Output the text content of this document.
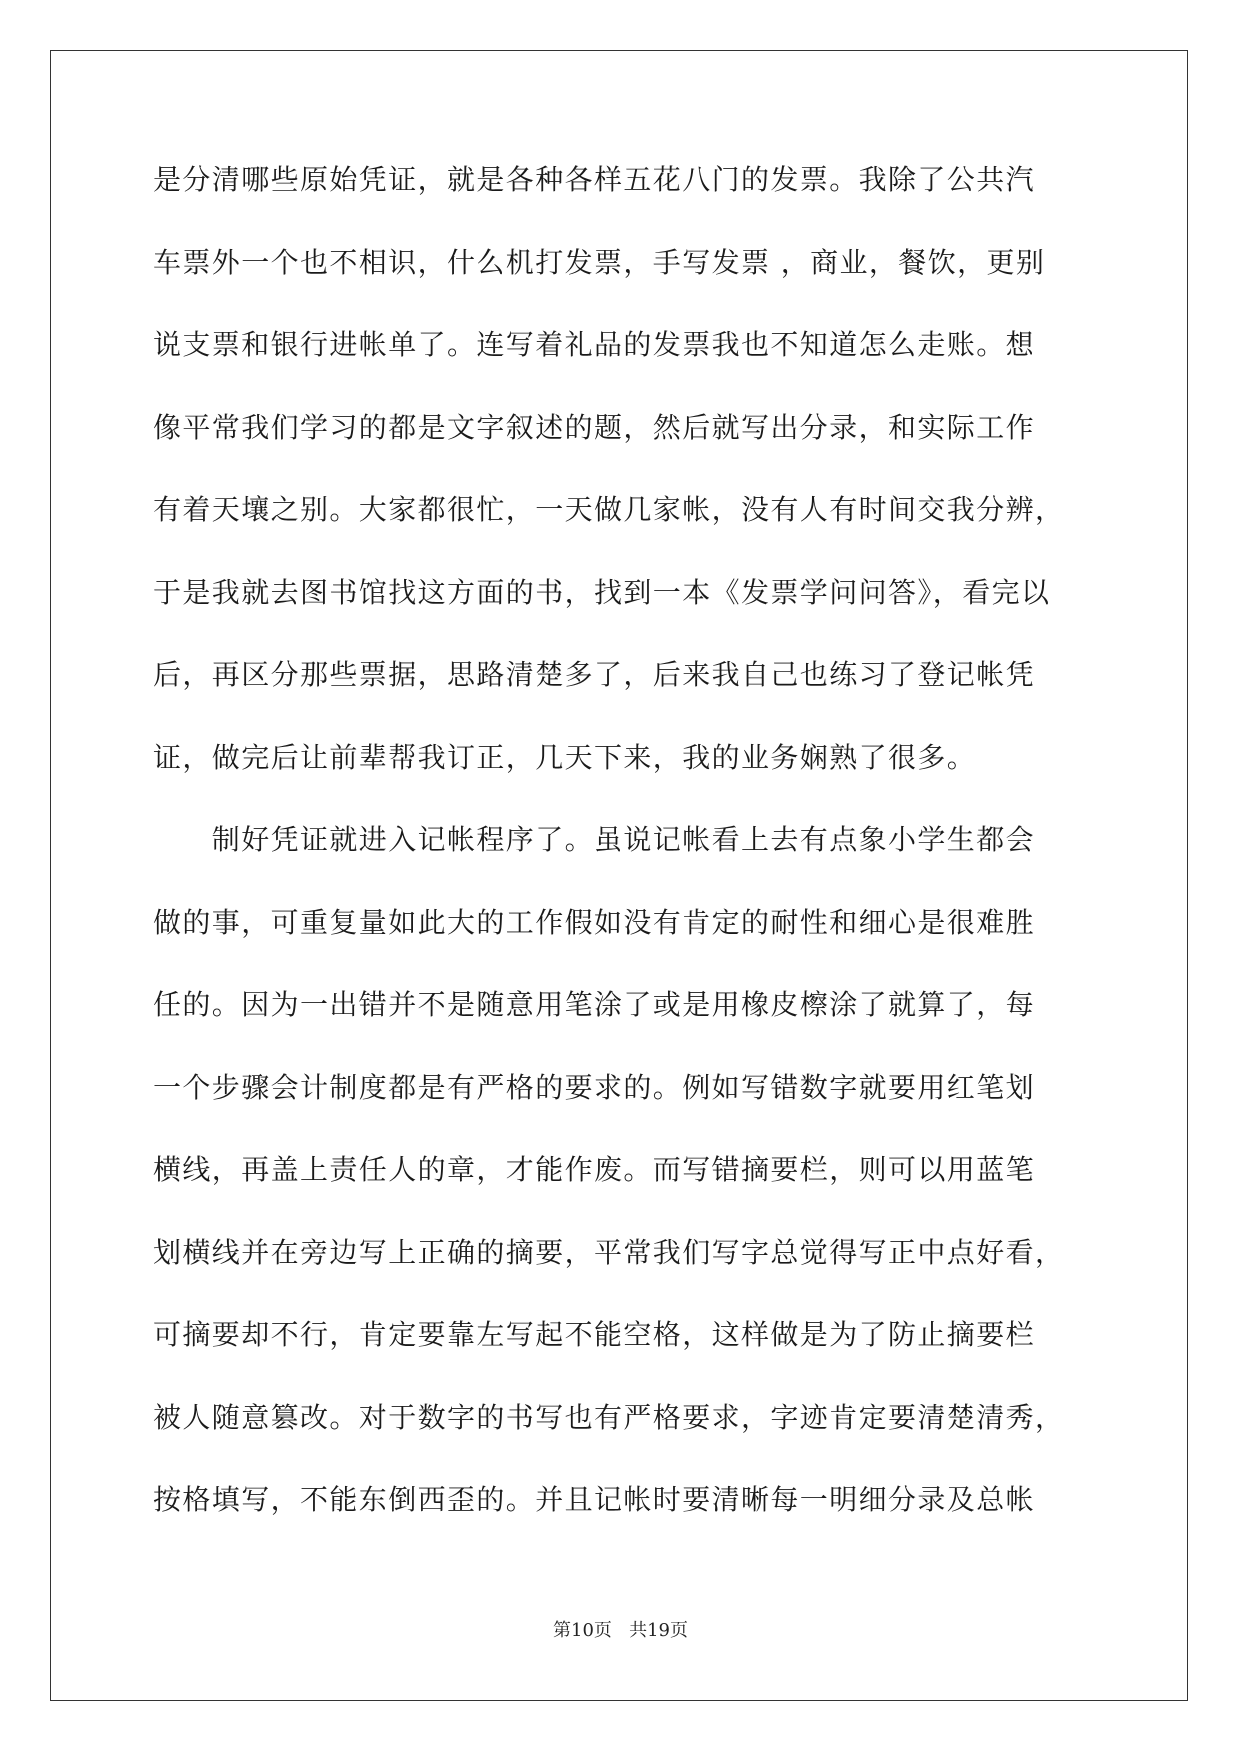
是分清哪些原始凭证，就是各种各样五花八门的发票。我除了公共汽

车票外一个也不相识，什么机打发票，手写发票 ，商业，餐饮，更别

说支票和银行进帐单了。连写着礼品的发票我也不知道怎么走账。想

像平常我们学习的都是文字叙述的题，然后就写出分录，和实际工作

有着天壤之别。大家都很忙，一天做几家帐，没有人有时间交我分辨，

于是我就去图书馆找这方面的书，找到一本《发票学问问答》，看完以

后，再区分那些票据，思路清楚多了，后来我自己也练习了登记帐凭

证，做完后让前辈帮我订正，几天下来，我的业务娴熟了很多。

　　制好凭证就进入记帐程序了。虽说记帐看上去有点象小学生都会

做的事，可重复量如此大的工作假如没有肯定的耐性和细心是很难胜

任的。因为一出错并不是随意用笔涂了或是用橡皮檫涂了就算了，每

一个步骤会计制度都是有严格的要求的。例如写错数字就要用红笔划

横线，再盖上责任人的章，才能作废。而写错摘要栏，则可以用蓝笔

划横线并在旁边写上正确的摘要，平常我们写字总觉得写正中点好看，

可摘要却不行，肯定要靠左写起不能空格，这样做是为了防止摘要栏

被人随意篡改。对于数字的书写也有严格要求，字迹肯定要清楚清秀，

按格填写，不能东倒西歪的。并且记帐时要清晰每一明细分录及总帐

第10页   共19页
